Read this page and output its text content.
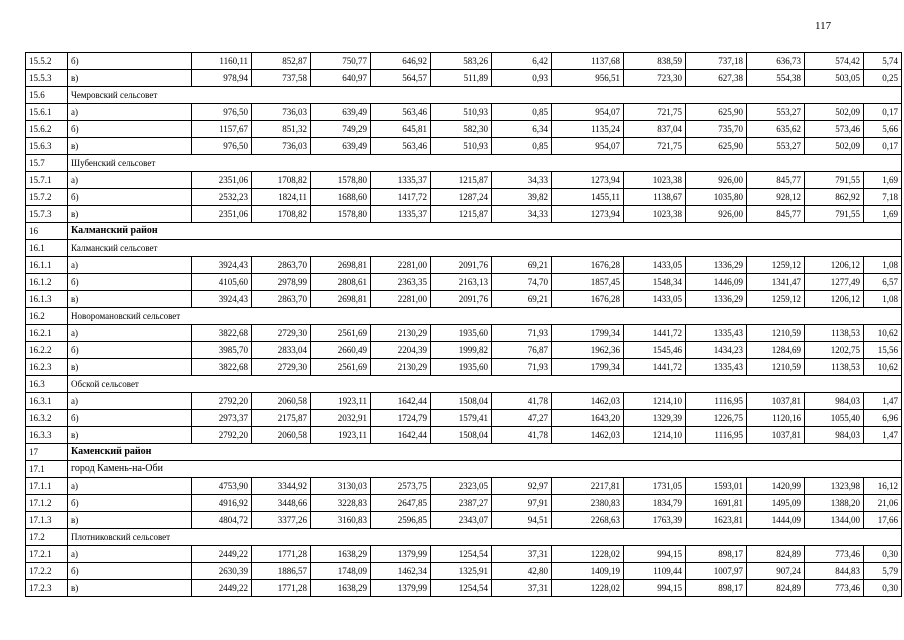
117
15.5.2	б)	1160,11	852,87	750,77	646,92	583,26	6,42	1137,68	838,59	737,18	636,73	574,42	5,74
15.5.3	в)	978,94	737,58	640,97	564,57	511,89	0,93	956,51	723,30	627,38	554,38	503,05	0,25
15.6	Чемровский сельсовет												
15.6.1	а)	976,50	736,03	639,49	563,46	510,93	0,85	954,07	721,75	625,90	553,27	502,09	0,17
15.6.2	б)	1157,67	851,32	749,29	645,81	582,30	6,34	1135,24	837,04	735,70	635,62	573,46	5,66
15.6.3	в)	976,50	736,03	639,49	563,46	510,93	0,85	954,07	721,75	625,90	553,27	502,09	0,17
15.7	Шубенский сельсовет												
15.7.1	а)	2351,06	1708,82	1578,80	1335,37	1215,87	34,33	1273,94	1023,38	926,00	845,77	791,55	1,69
15.7.2	б)	2532,23	1824,11	1688,60	1417,72	1287,24	39,82	1455,11	1138,67	1035,80	928,12	862,92	7,18
15.7.3	в)	2351,06	1708,82	1578,80	1335,37	1215,87	34,33	1273,94	1023,38	926,00	845,77	791,55	1,69
16	Калманский район												
16.1	Калманский сельсовет												
16.1.1	а)	3924,43	2863,70	2698,81	2281,00	2091,76	69,21	1676,28	1433,05	1336,29	1259,12	1206,12	1,08
16.1.2	б)	4105,60	2978,99	2808,61	2363,35	2163,13	74,70	1857,45	1548,34	1446,09	1341,47	1277,49	6,57
16.1.3	в)	3924,43	2863,70	2698,81	2281,00	2091,76	69,21	1676,28	1433,05	1336,29	1259,12	1206,12	1,08
16.2	Новоромановский сельсовет												
16.2.1	а)	3822,68	2729,30	2561,69	2130,29	1935,60	71,93	1799,34	1441,72	1335,43	1210,59	1138,53	10,62
16.2.2	б)	3985,70	2833,04	2660,49	2204,39	1999,82	76,87	1962,36	1545,46	1434,23	1284,69	1202,75	15,56
16.2.3	в)	3822,68	2729,30	2561,69	2130,29	1935,60	71,93	1799,34	1441,72	1335,43	1210,59	1138,53	10,62
16.3	Обской сельсовет												
16.3.1	а)	2792,20	2060,58	1923,11	1642,44	1508,04	41,78	1462,03	1214,10	1116,95	1037,81	984,03	1,47
16.3.2	б)	2973,37	2175,87	2032,91	1724,79	1579,41	47,27	1643,20	1329,39	1226,75	1120,16	1055,40	6,96
16.3.3	в)	2792,20	2060,58	1923,11	1642,44	1508,04	41,78	1462,03	1214,10	1116,95	1037,81	984,03	1,47
17	Каменский район												
17.1	город Камень-на-Оби												
17.1.1	а)	4753,90	3344,92	3130,03	2573,75	2323,05	92,97	2217,81	1731,05	1593,01	1420,99	1323,98	16,12
17.1.2	б)	4916,92	3448,66	3228,83	2647,85	2387,27	97,91	2380,83	1834,79	1691,81	1495,09	1388,20	21,06
17.1.3	в)	4804,72	3377,26	3160,83	2596,85	2343,07	94,51	2268,63	1763,39	1623,81	1444,09	1344,00	17,66
17.2	Плотниковский сельсовет												
17.2.1	а)	2449,22	1771,28	1638,29	1379,99	1254,54	37,31	1228,02	994,15	898,17	824,89	773,46	0,30
17.2.2	б)	2630,39	1886,57	1748,09	1462,34	1325,91	42,80	1409,19	1109,44	1007,97	907,24	844,83	5,79
17.2.3	в)	2449,22	1771,28	1638,29	1379,99	1254,54	37,31	1228,02	994,15	898,17	824,89	773,46	0,30
